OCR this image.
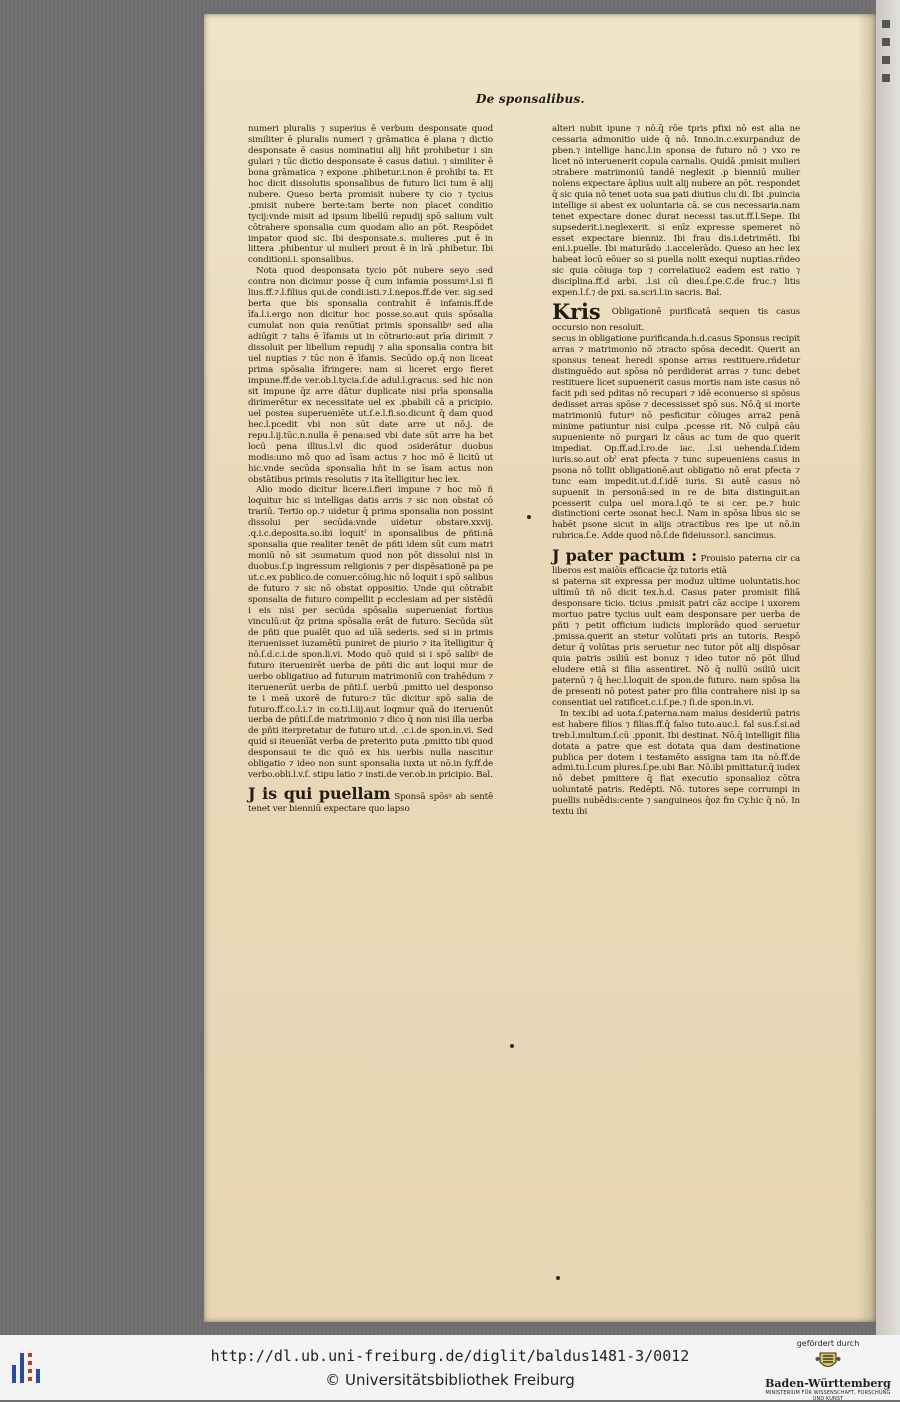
De sponsalibus.

numeri pluralis ⁊ superius ē verbum desponsate quod similiter ē pluralis numeri ⁊ grāmatica ē plana ⁊ dictio desponsate ē casus nominatiui alij hñt prohibetur i sin gulari ⁊ tūc dictio desponsate ē casus datiui. ⁊ similiter ē bona grāmatica ⁊ expone .phibetur.i.non ē prohibi ta. Et hoc dicit dissolutis sponsalibus de futuro lici tum ē alij nubere. Queso berta promisit nubere ty cio ⁊ tycius .pmisit nubere berte:tam berte non placet conditio tycij:vnde misit ad ipsum libellū repudij spō salium vult cōtrahere sponsalia cum quodam alio an pōt. Respōdet impator quod sic. Ibi desponsate.s. mulieres .put ē in littera .phibentur ul mulieri prout ē in lrā .phibetur. Ibi conditioni.i. sponsalibus.

Nota quod desponsata tycio pōt nubere seyo :sed contra non dicimur posse q̄ cum infamia possumꝰ.l.si fi lius.ff.⁊.l.filius qui.de condi.isti.⁊.l.nepos.ff.de ver. sig.sed berta que bis sponsalia contrahit ē infamis.ff.de īfa.l.i.ergo non dicitur hoc posse.so.aut quis spōsalia cumulat non quia renūtiat primis sponsalibꝰ sed alia adiūgit ⁊ talis ē īfamis ut in cōtrario:aut prīa dirimit ⁊ dissoluit per libellum repudij ⁊ alia sponsalia contra bit uel nuptias ⁊ tūc non ē īfamis. Secūdo op.q̄ non liceat prima spōsalia īfringere: nam si liceret ergo fieret impune.ff.de ver.ob.l.tycia.ſ.de adul.l.gracus. sed hic non sit impune q̄z arre dātur duplicate nisi prīa sponsalia dirimerētur ex necessitate uel ex .pbabili cā a pricipio. uel postea superueniēte ut.ſ.e.l.fi.so.dicunt q̄ dam quod hec.l.pcedit vbi non sūt date arre ut nō.j. de repu.l.ij.tūc.n.nulla ē pena:sed vbi date sūt arre ha bet locū pena illius.l.vl dic quod ɔsiderātur duobus modis:uno mō quo ad īsam actus ⁊ hoc mō ē licitū ut hic.vnde secūda sponsalia hñt in se īsam actus non obstātibus primis resolutis ⁊ ita ītelligitur hec lex.

Alio modo dicitur licere.i.fieri impune ⁊ hoc mō ñ loquitur hic si intelligas datis arris ⁊ sic non obstat cō trariū. Tertio op.⁊ uidetur q̄ prima sponsalia non possint dissolui per secūda:vnde uidetur obstare.xxvij. .q.i.c.deposita.so.ibi loquitˀ in sponsalibus de pñti:nā sponsalia que realiter tenēt de pñti idem sūt cum matri moniū nō sit ɔsumatum quod non pōt dissolui nisi in duobus.ſ.p ingressum religionis ⁊ per dispēsationē pa pe ut.c.ex publico.de conuer.cōiug.hic nō loquit i spō salibus de futuro ⁊ sic nō obstat oppositio. Unde qui cōtrabit sponsalia de futuro compellit p ecclesiam ad per sistēdū i eis nisi per secūda spōsalia superueniat fortius vinculū:ut q̄z prima spōsalia erāt de futuro. Secūda sūt de pñti que pualēt quo ad uīā sederis. sed si in primis iteruenisset iuzamētū puniret de piurio ⁊ ita ītelligitur q̄ nō.ſ.d.c.i.de spon.li.vi. Modo quō quid si i spō salibꝰ de futuro iteruenirēt uerba de pñti dic aut loqui mur de uerbo obligatiuo ad futurum matrimoniū con trahēdum ⁊ iteruenerūt uerba de pñti.ſ. uerbū .pmitto uel desponso te i meā uxorē de futuro:⁊ tūc dicitur spō salia de futuro.ff.co.l.i.⁊ in co.ti.l.iij.aut loqmur quā do iteruenūt uerba de pñti.ſ.de matrimonio ⁊ dico q̄ non nisi illa uerba de pñti iterpretatur de futuro ut.d. .c.i.de spon.in.vi. Sed quid si iteuenīāt verba de preterito puta .pmitto tibi quod desponsaui te dic quō ex his uerbis nulla nascitur obligatio ⁊ ideo non sunt sponsalia iuxta ut nō.in ſy.ff.de verbo.obli.l.v.ſ. stipu latio ⁊ insti.de ver.ob.in pricipio. Bal.

J is qui puellam Sponsā spōsꝰ ab sentē tenet ver bienniū expectare quo lapso

alteri nubit ipune ⁊ nō.q̄ rōe tpris pfixi nō est alia ne cessaria admonitio uide q̄ nō. Inno.in.c.exurpanduz de pben.⁊ intellige hanc.l.in sponsa de futuro nō ⁊ vxo re licet nō interuenerit copula carnalis. Quidā .pmisit mulieri ɔtrabere matrimoniū tandē neglexit .p bienniū mulier nolens expectare āplius uult alij nubere an pōt. respondet q̄ sic quia nō tenet uota sua pati diutius clu di. Ibi .puincia intellige si abest ex uoluntaria cā. se cus necessaria.nam tenet expectare donec durat necessi tas.ut.ff.l.Sepe. Ibi supsederit.i.neglexerit. si enīz expresse spemeret nō esset expectare bienniz. Ibi frau dis.i.detrimēti. Ibi eni.i.puelle. Ibi maturādo .i.accelerādo. Queso an hec lex habeat locū eōuer so si puella nolit exequi nuptias.rñdeo sic quia cōiuga top ⁊ correlatiuo2 eadem est ratio ⁊ disciplina.ff.d arbi. .l.si cū dies.ſ.pe.C.de fruc.⁊ litis expen.l.ſ.⁊ de pxi. sa.scri.l.in sacris. Bal.

Kris Obligationē purificatā sequen tis casus occursio non resoluit.

secus in obligatione purificanda.h.d.casus Sponsus recipit arras ⁊ matrimonio nō ɔtracto spōsa decedit. Querit an sponsus teneat heredi sponse arras restituere.rñdetur distinguēdo aut spōsa nō perdiderat arras ⁊ tunc debet restituere licet supuenerit casus mortis nam iste casus nō facit pdi sed pditas nō recupari ⁊ idē econuerso si spōsus dedisset arras spōse ⁊ decessisset spō sus. Nō.q̄ si morte matrimoniū futurꝰ nō pesficitur cōiuges arra2 penā minime patiuntur nisi culpa .pcesse rit. Nō culpā cāu supueniente nō purgari lz cāus ac tum de quo querit impediat. Op.ff.ad.l.ro.de iac. .l.si uehenda.ſ.idem iuris.so.aut obˀ erat pfecta ⁊ tunc supeueniens casus in psona nō tollit obligationē.aut obligatio nō erat pfecta ⁊ tunc eam impedit.ut.d.ſ.idē iuris. Si autē casus nō supuenit in personā:sed in re de bita distinguit.an pcesserit culpa uel mora.l.qō te si cer. pe.⁊ huic distinctioni certe ɔsonat hec.l. Nam in spōsa libus sic se habēt psone sicut in alijs ɔtractibus res ipe ut nō.in rubrica.ſ.e. Adde quod nō.ſ.de fideiussor.l. sancimus.

J pater pactum : Prouisio paterna cir ca liberos est maiōis efficacie q̄z tutoris etiā

si paterna sit expressa per moduz ultime uoluntatis.hoc ultimū tñ nō dicit tex.h.d. Casus pater promisit filiā desponsare ticio. ticius .pmisit patri cāz accipe i uxorem mortuo patre tycius uult eam desponsare per uerba de pñti ⁊ petit officium iudicis implorādo quod seruetur .pmissa.querit an stetur volūtati pris an tutoris. Respō detur q̄ volūtas pris seruetur nec tutor pōt alij dispōsar quia patris ɔsiliū est bonuz ⁊ ideo tutor nō pōt illud eludere etiā si filia assentiret. Nō q̄ nullū ɔsiliū uicit paternū ⁊ q̄ hec.l.loquit de spon.de futuro. nam spōsa lia de presenti nō potest pater pro filia contrahere nisi ip sa consentiat uel ratificet.c.i.ſ.pe.⁊ ſi.de spon.in.vi.

In tex.ibi ad uota.ſ.paterna.nam maius desideriū patris est habere filios ⁊ filias.ff.q̄ falso tuto.auc.l. fal sus.ſ.si.ad treb.l.multum.ſ.cū .pponit. Ibi destinat. Nō.q̄ intelligit filia dotata a patre que est dotata qua dam destinatione publica per dotem i testamēto assigna tam ita nō.ff.de admi.tu.l.cum plures.ſ.pe.ubi Bar. Nō.ibi pmittatur.q̄ iudex nō debet pmittere q̄ fiat executio sponsalioz cōtra uoluntatē patris. Redēpti. Nō. tutores sepe corrumpi in puellis nubēdis:cente ⁊ sanguineos q̄oz fm Cy.hic q̄ nō. In textu ibi

http://dl.ub.uni-freiburg.de/diglit/baldus1481-3/0012
© Universitätsbibliothek Freiburg
gefördert durch
Baden-Württemberg
MINISTERIUM FÜR WISSENSCHAFT, FORSCHUNG UND KUNST
